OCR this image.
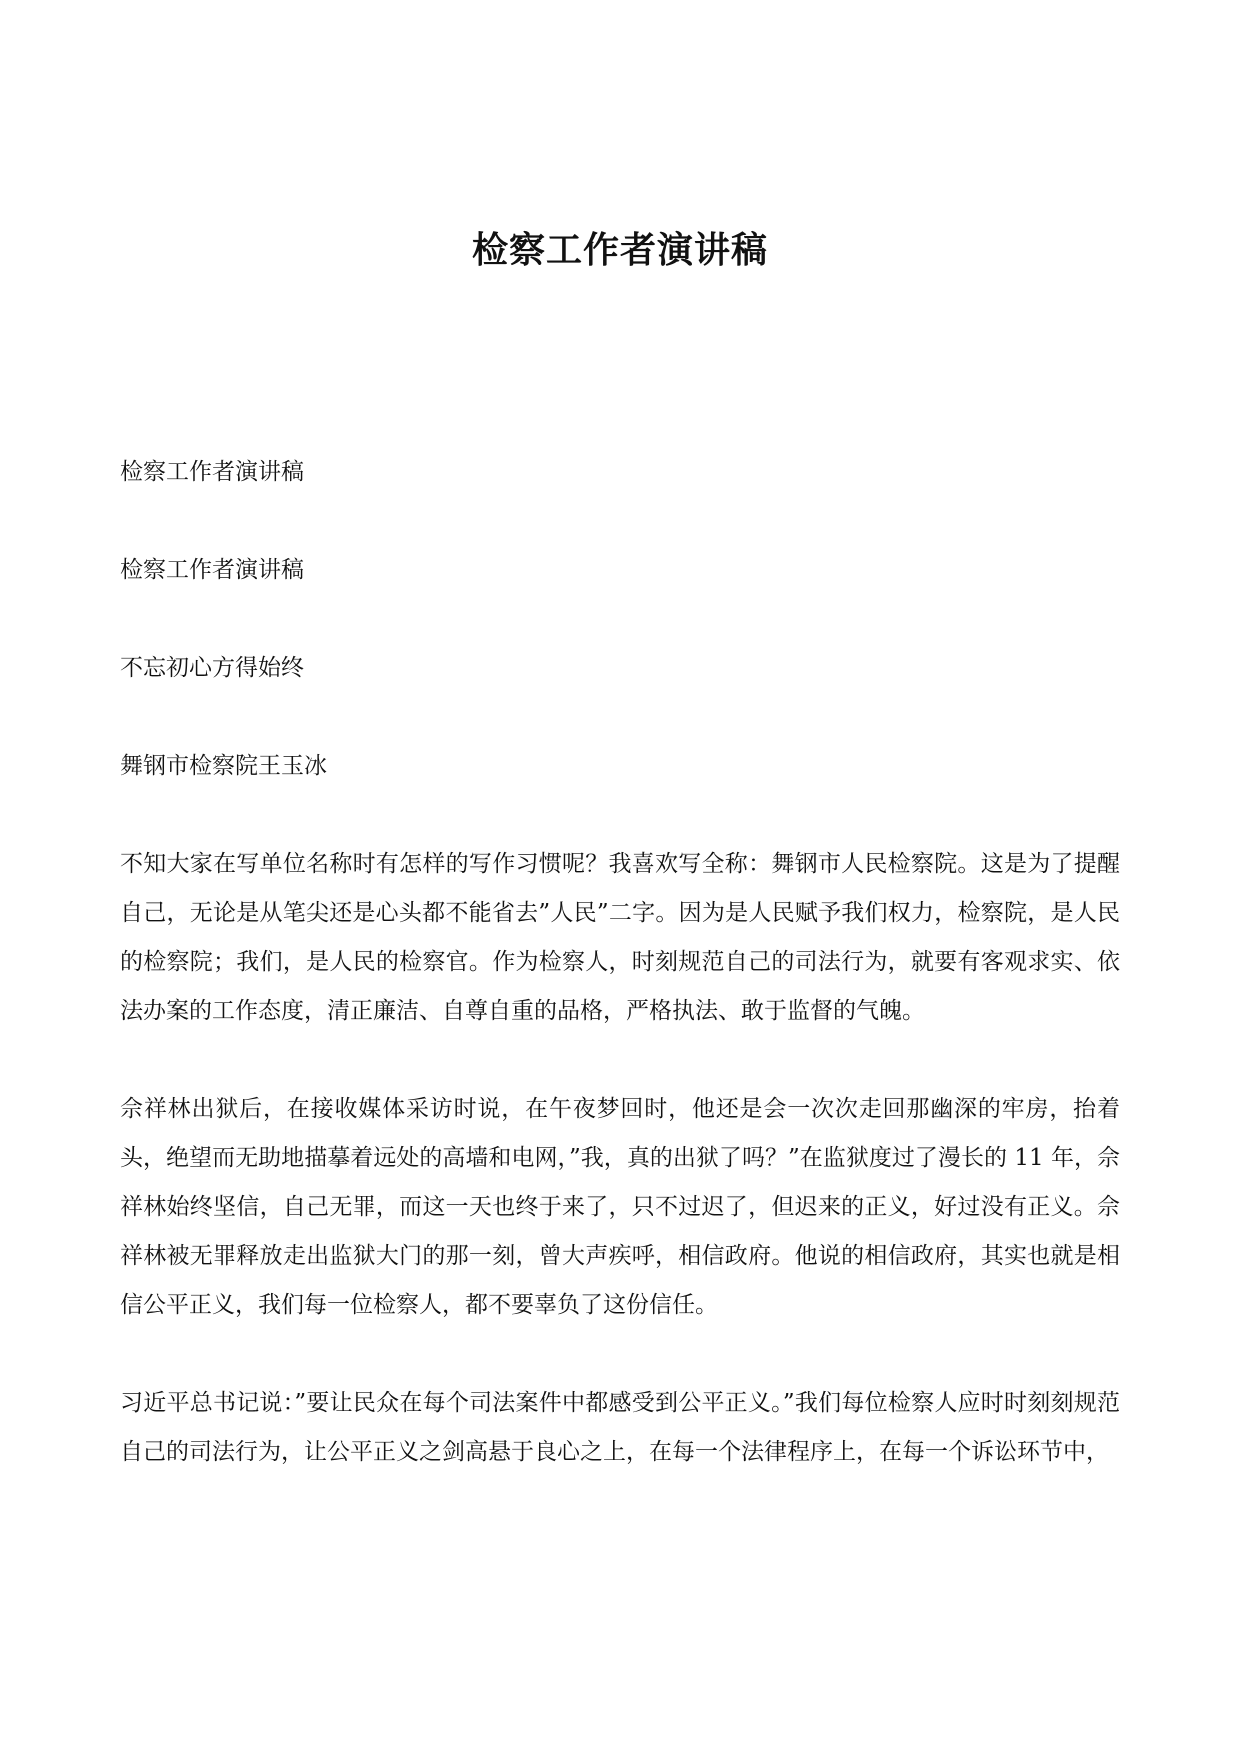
检察工作者演讲稿

检察工作者演讲稿

检察工作者演讲稿

不忘初心方得始终

舞钢市检察院王玉冰

不知大家在写单位名称时有怎样的写作习惯呢？我喜欢写全称：舞钢市人民检察院。这是为了提醒自己，无论是从笔尖还是心头都不能省去”人民”二字。因为是人民赋予我们权力，检察院，是人民的检察院；我们，是人民的检察官。作为检察人，时刻规范自己的司法行为，就要有客观求实、依法办案的工作态度，清正廉洁、自尊自重的品格，严格执法、敢于监督的气魄。

佘祥林出狱后，在接收媒体采访时说，在午夜梦回时，他还是会一次次走回那幽深的牢房，抬着头，绝望而无助地描摹着远处的高墙和电网，”我，真的出狱了吗？”在监狱度过了漫长的 11 年，佘祥林始终坚信，自己无罪，而这一天也终于来了，只不过迟了，但迟来的正义，好过没有正义。佘祥林被无罪释放走出监狱大门的那一刻，曾大声疾呼，相信政府。他说的相信政府，其实也就是相信公平正义，我们每一位检察人，都不要辜负了这份信任。

习近平总书记说：”要让民众在每个司法案件中都感受到公平正义。”我们每位检察人应时时刻刻规范自己的司法行为，让公平正义之剑高悬于良心之上，在每一个法律程序上，在每一个诉讼环节中，
